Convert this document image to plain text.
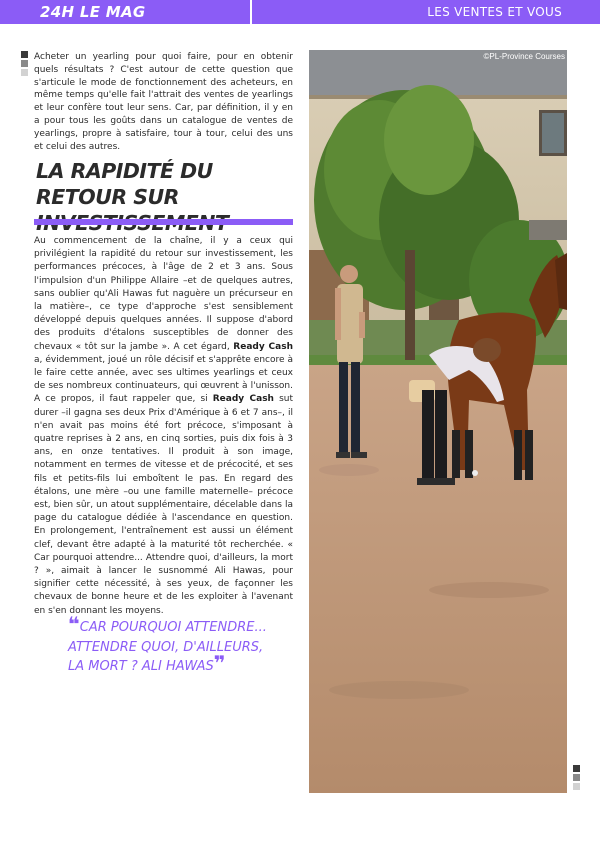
24H LE MAG	LES VENTES ET VOUS
Acheter un yearling pour quoi faire, pour en obtenir quels résultats ? C'est autour de cette question que s'articule le mode de fonctionnement des acheteurs, en même temps qu'elle fait l'attrait des ventes de yearlings et leur confère tout leur sens. Car, par définition, il y en a pour tous les goûts dans un catalogue de ventes de yearlings, propre à satisfaire, tour à tour, celui des uns et celui des autres.
LA RAPIDITÉ DU RETOUR SUR
Au commencement de la chaîne, il y a ceux qui privilégient la rapidité du retour sur investissement, les performances précoces, à l'âge de 2 et 3 ans. Sous l'impulsion d'un Philippe Allaire –et de quelques autres, sans oublier qu'Ali Hawas fut naguère un précurseur en la matière–, ce type d'approche s'est sensiblement développé depuis quelques années. Il suppose d'abord des produits d'étalons susceptibles de donner des chevaux « tôt sur la jambe ». A cet égard, Ready Cash a, évidemment, joué un rôle décisif et s'apprête encore à le faire cette année, avec ses ultimes yearlings et ceux de ses nombreux continuateurs, qui œuvrent à l'unisson. A ce propos, il faut rappeler que, si Ready Cash sut durer –il gagna ses deux Prix d'Amérique à 6 et 7 ans–, il n'en avait pas moins été fort précoce, s'imposant à quatre reprises à 2 ans, en cinq sorties, puis dix fois à 3 ans, en onze tentatives. Il produit à son image, notamment en termes de vitesse et de précocité, et ses fils et petits-fils lui emboîtent le pas. En regard des étalons, une mère –ou une famille maternelle– précoce est, bien sûr, un atout supplémentaire, décelable dans la page du catalogue dédiée à l'ascendance en question. En prolongement, l'entraînement est aussi un élément clef, devant être adapté à la maturité tôt recherchée. « Car pourquoi attendre... Attendre quoi, d'ailleurs, la mort ? », aimait à lancer le susnommé Ali Hawas, pour signifier cette nécessité, à ses yeux, de façonner les chevaux de bonne heure et de les exploiter à l'avenant en s'en donnant les moyens.
❝CAR POURQUOI ATTENDRE... ATTENDRE QUOI, D'AILLEURS, LA MORT ? ALI HAWAS❞
©PL-Province Courses
